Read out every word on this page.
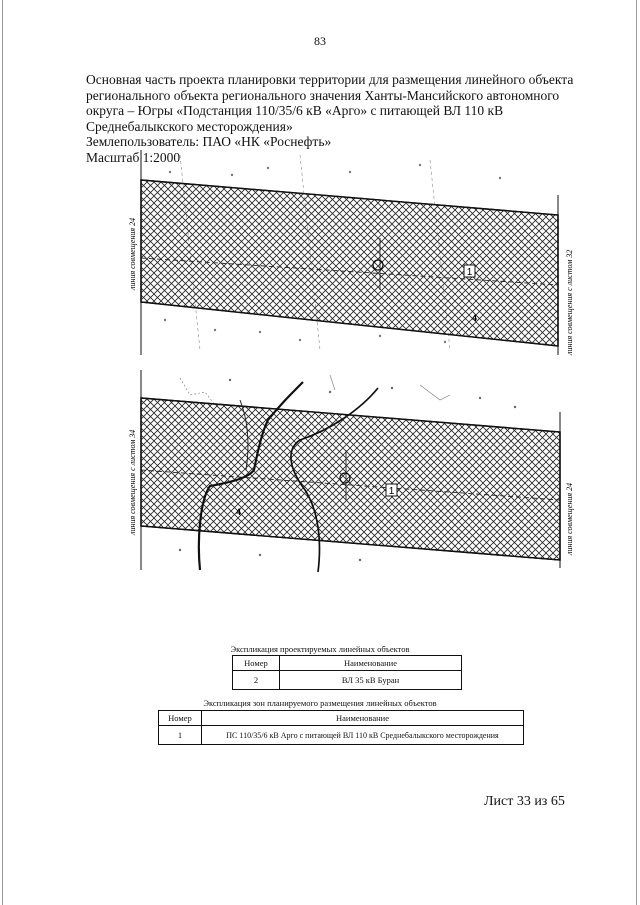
83
Основная часть проекта планировки территории для размещения линейного объекта
регионального объекта регионального значения Ханты-Мансийского автономного
округа – Югры «Подстанция 110/35/6 кВ «Арго» с питающей ВЛ 110 кВ
Среднебалыкского месторождения»
Землепользователь: ПАО «НК «Роснефть»
Масштаб 1:2000
линия совмещения 24	линия совмещения с листом 32
линия совмещения с листом 34	линия совмещения 24
1
1
4
4
Экспликация проектируемых линейных объектов
Номер	Наименование
2	ВЛ 35 кВ Буран
Экспликация зон планируемого размещения линейных объектов
Номер	Наименование
1	ПС 110/35/6 кВ Арго с питающей ВЛ 110 кВ Среднебалыкского месторождения
Лист 33 из 65
